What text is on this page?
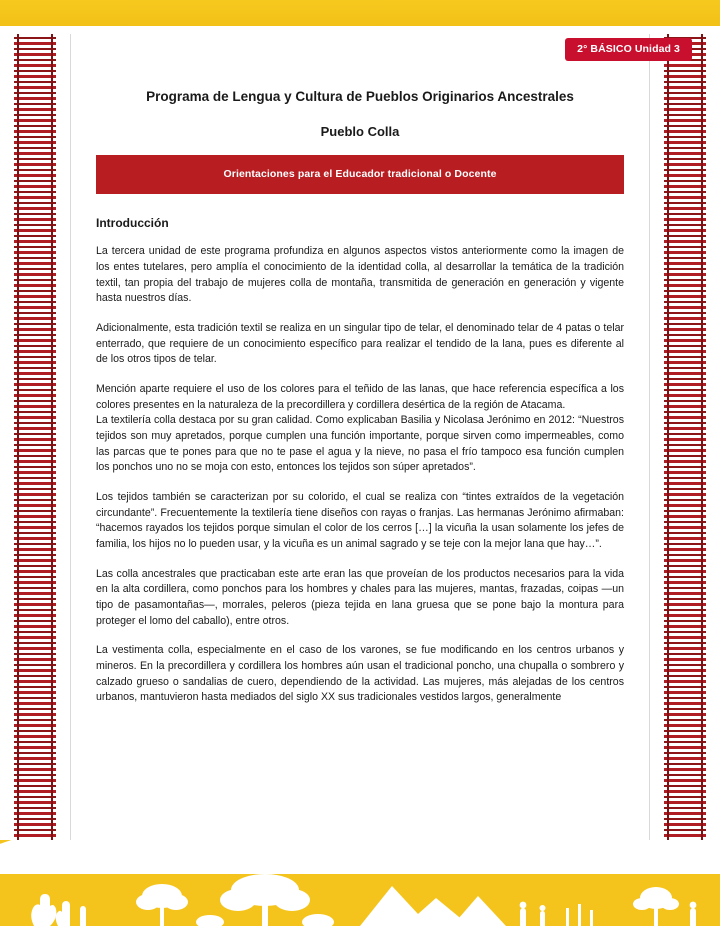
2° BÁSICO Unidad 3
Programa de Lengua y Cultura de Pueblos Originarios Ancestrales
Pueblo Colla
Orientaciones para el Educador tradicional o Docente
Introducción

La tercera unidad de este programa profundiza en algunos aspectos vistos anteriormente como la imagen de los entes tutelares, pero amplía el conocimiento de la identidad colla, al desarrollar la temática de la tradición textil, tan propia del trabajo de mujeres colla de montaña, transmitida de generación en generación y vigente hasta nuestros días.

Adicionalmente, esta tradición textil se realiza en un singular tipo de telar, el denominado telar de 4 patas o telar enterrado, que requiere de un conocimiento específico para realizar el tendido de la lana, pues es diferente al de los otros tipos de telar.

Mención aparte requiere el uso de los colores para el teñido de las lanas, que hace referencia específica a los colores presentes en la naturaleza de la precordillera y cordillera desértica de la región de Atacama.

La textilería colla destaca por su gran calidad. Como explicaban Basilia y Nicolasa Jerónimo en 2012: “Nuestros tejidos son muy apretados, porque cumplen una función importante, porque sirven como impermeables, como las parcas que te pones para que no te pase el agua y la nieve, no pasa el frío tampoco esa función cumplen los ponchos uno no se moja con esto, entonces los tejidos son súper apretados”.

Los tejidos también se caracterizan por su colorido, el cual se realiza con “tintes extraídos de la vegetación circundante”. Frecuentemente la textilería tiene diseños con rayas o franjas. Las hermanas Jerónimo afirmaban: “hacemos rayados los tejidos porque simulan el color de los cerros […] la vicuña la usan solamente los jefes de familia, los hijos no lo pueden usar, y la vicuña es un animal sagrado y se teje con la mejor lana que hay…”.

Las colla ancestrales que practicaban este arte eran las que proveían de los productos necesarios para la vida en la alta cordillera, como ponchos para los hombres y chales para las mujeres, mantas, frazadas, coipas —un tipo de pasamontañas—, morrales, peleros (pieza tejida en lana gruesa que se pone bajo la montura para proteger el lomo del caballo), entre otros.

La vestimenta colla, especialmente en el caso de los varones, se fue modificando en los centros urbanos y mineros. En la precordillera y cordillera los hombres aún usan el tradicional poncho, una chupalla o sombrero y calzado grueso o sandalias de cuero, dependiendo de la actividad. Las mujeres, más alejadas de los centros urbanos, mantuvieron hasta mediados del siglo XX sus tradicionales vestidos largos, generalmente
